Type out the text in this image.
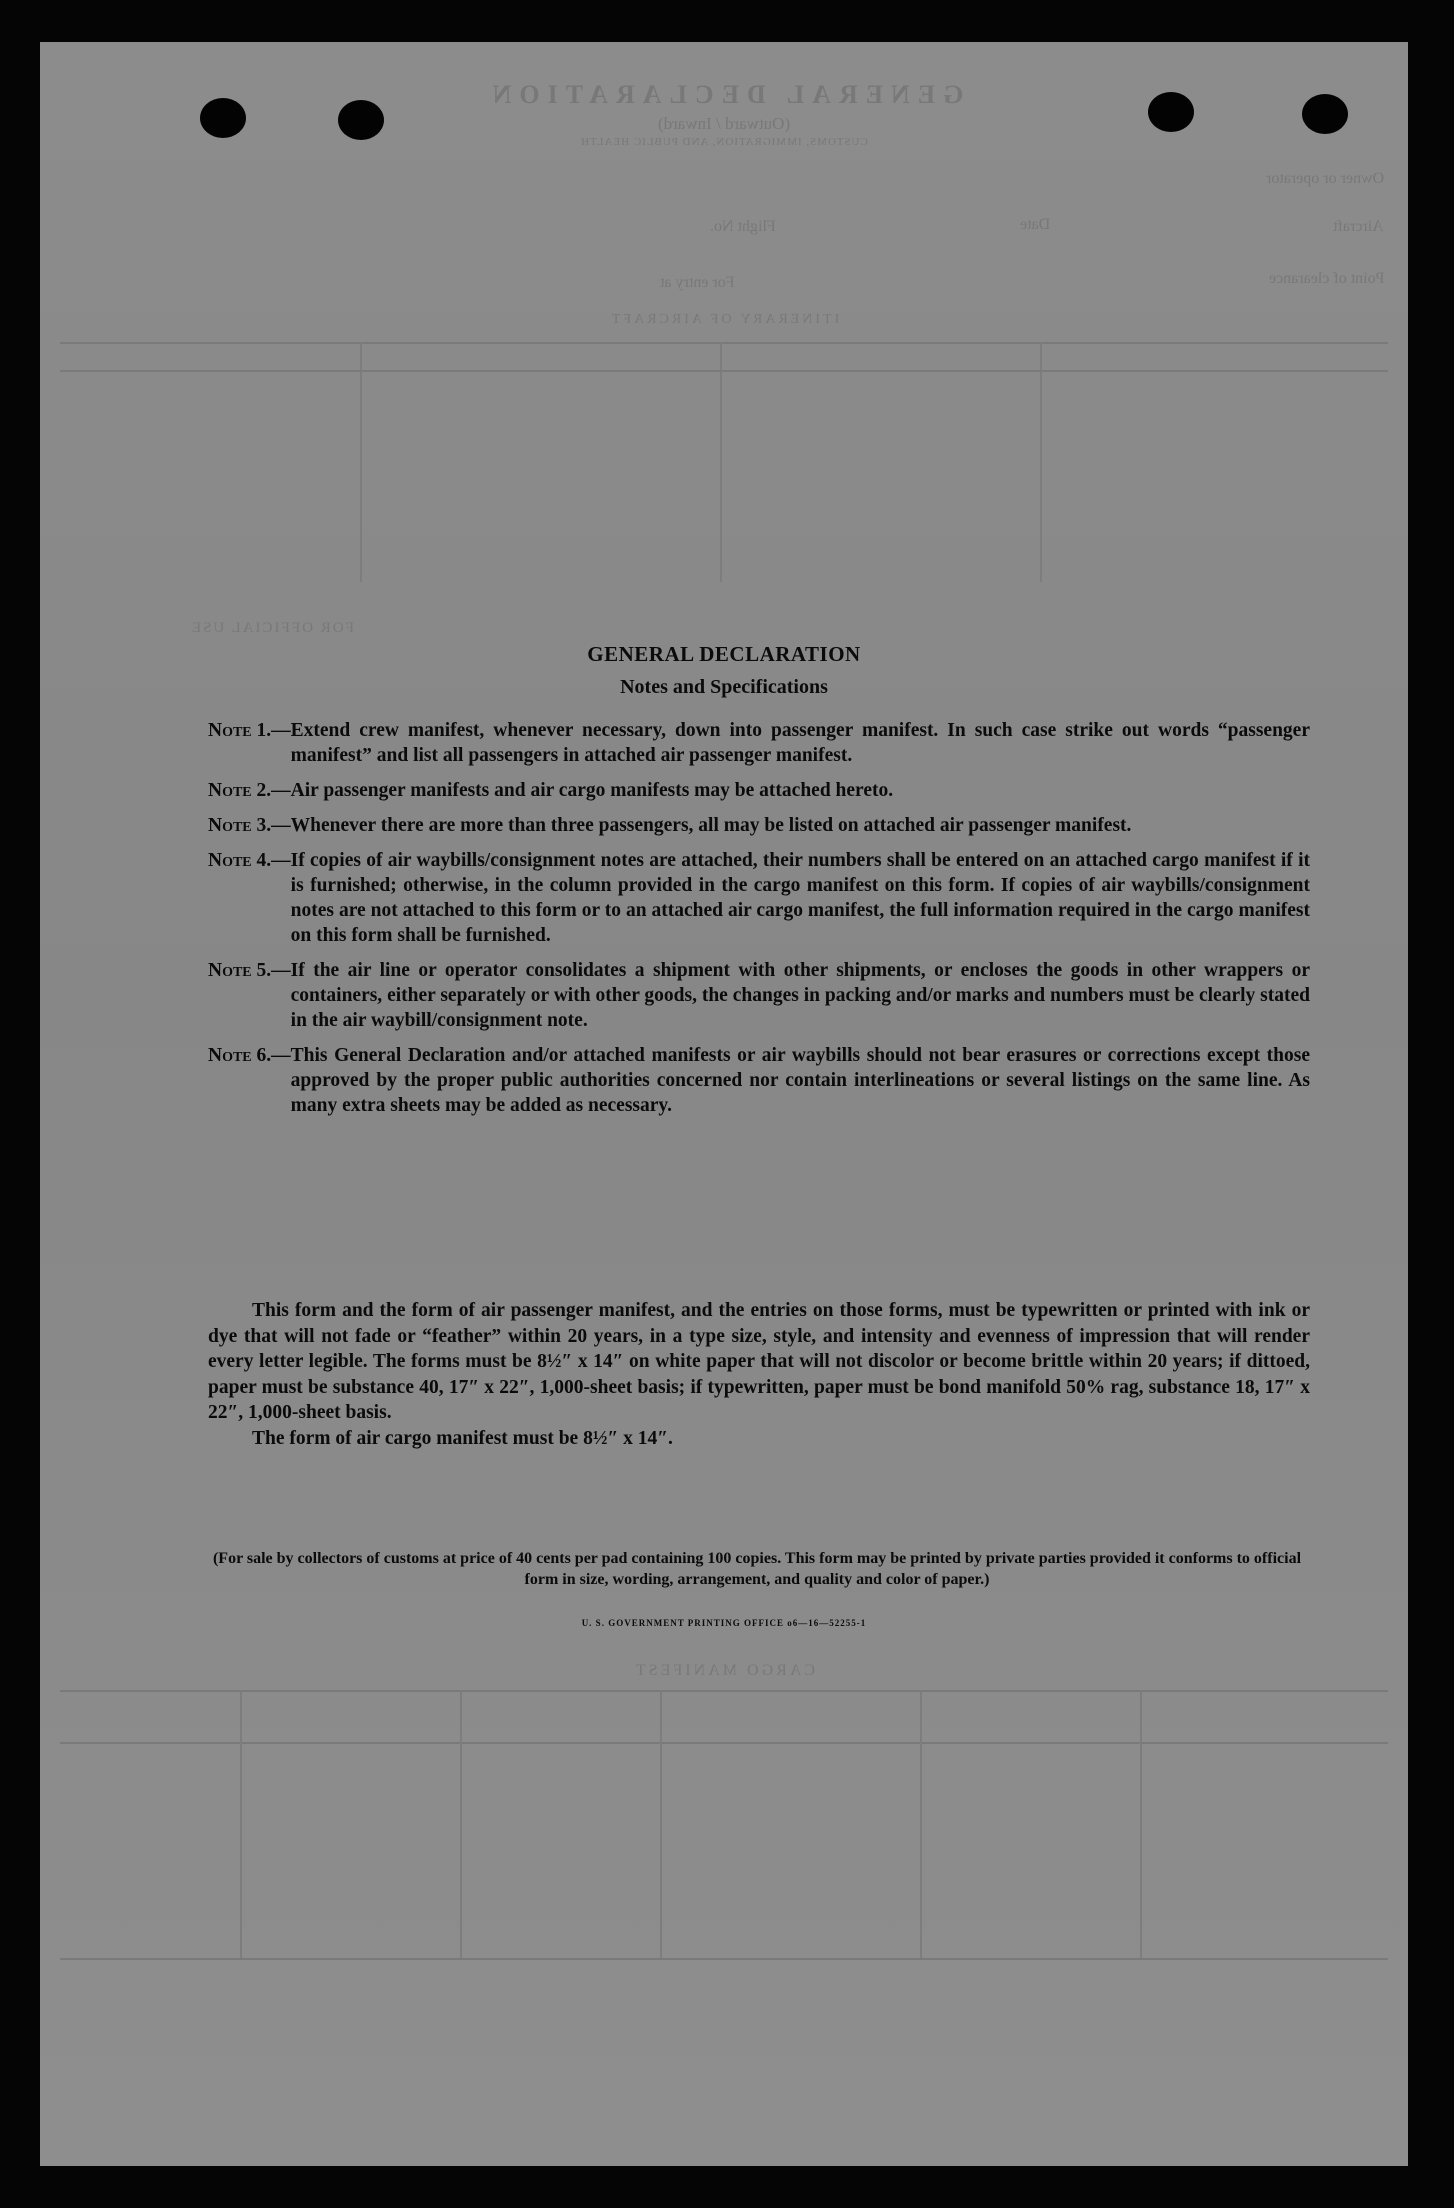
GENERAL DECLARATION
(Outward / Inward)
CUSTOMS, IMMIGRATION, AND PUBLIC HEALTH
Owner or operator
Aircraft
Flight No.	Date
Point of clearance
For entry at
ITINERARY OF AIRCRAFT
FOR OFFICIAL USE
CARGO MANIFEST
GENERAL DECLARATION
Notes and Specifications
Note 1.— Extend crew manifest, whenever necessary, down into passenger manifest. In such case strike out words “passenger manifest” and list all passengers in attached air passenger manifest.
Note 2.— Air passenger manifests and air cargo manifests may be attached hereto.
Note 3.— Whenever there are more than three passengers, all may be listed on attached air passenger manifest.
Note 4.— If copies of air waybills/consignment notes are attached, their numbers shall be entered on an attached cargo manifest if it is furnished; otherwise, in the column provided in the cargo manifest on this form. If copies of air waybills/consignment notes are not attached to this form or to an attached air cargo manifest, the full information required in the cargo manifest on this form shall be furnished.
Note 5.— If the air line or operator consolidates a shipment with other shipments, or encloses the goods in other wrappers or containers, either separately or with other goods, the changes in packing and/or marks and numbers must be clearly stated in the air waybill/consignment note.
Note 6.— This General Declaration and/or attached manifests or air waybills should not bear erasures or corrections except those approved by the proper public authorities concerned nor contain interlineations or several listings on the same line. As many extra sheets may be added as necessary.

This form and the form of air passenger manifest, and the entries on those forms, must be typewritten or printed with ink or dye that will not fade or “feather” within 20 years, in a type size, style, and intensity and evenness of impression that will render every letter legible. The forms must be 8½″ x 14″ on white paper that will not discolor or become brittle within 20 years; if dittoed, paper must be substance 40, 17″ x 22″, 1,000-sheet basis; if typewritten, paper must be bond manifold 50% rag, substance 18, 17″ x 22″, 1,000-sheet basis.

The form of air cargo manifest must be 8½″ x 14″.

(For sale by collectors of customs at price of 40 cents per pad containing 100 copies. This form may be printed by private parties provided it conforms to official form in size, wording, arrangement, and quality and color of paper.)
U. S. GOVERNMENT PRINTING OFFICE o6—16—52255-1
